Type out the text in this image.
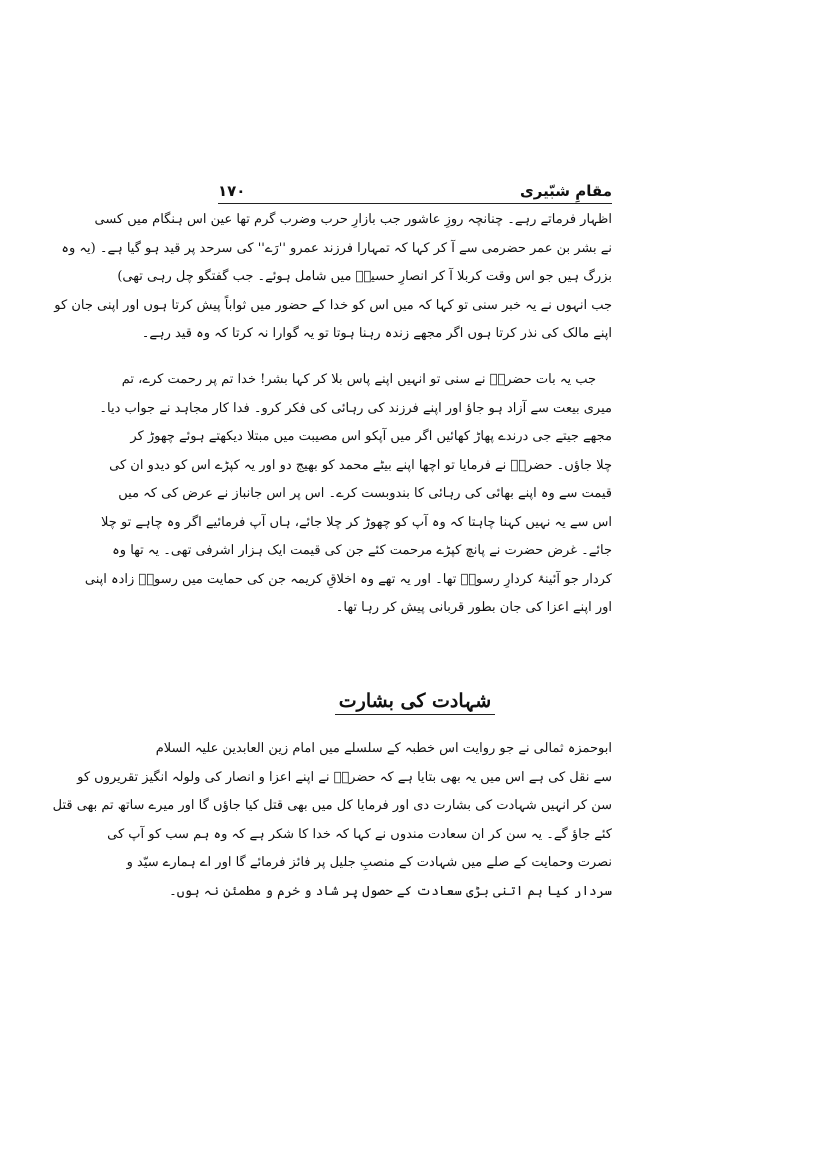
مقامِ شبّیری
۱۷۰
اظہار فرماتے رہے۔ چنانچہ روزِ عاشور جب بازارِ حرب وضرب گرم تھا عین اس ہنگام میں کسی
نے بشر بن عمر حضرمی سے آ کر کہا کہ تمہارا فرزند عمرو ''رَے'' کی سرحد پر قید ہو گیا ہے۔ (یہ وہ
بزرگ ہیں جو اس وقت کربلا آ کر انصارِ حسینؑ میں شامل ہوئے۔ جب گفتگو چل رہی تھی)
جب انہوں نے یہ خبر سنی تو کہا کہ میں اس کو خدا کے حضور میں ثواباً پیش کرتا ہوں اور اپنی جان کو
اپنے مالک کی نذر کرتا ہوں اگر مجھے زندہ رہنا ہوتا تو یہ گوارا نہ کرتا کہ وہ قید رہے۔
جب یہ بات حضرتؑ نے سنی تو انہیں اپنے پاس بلا کر کہا بشر! خدا تم پر رحمت کرے، تم
میری بیعت سے آزاد ہو جاؤ اور اپنے فرزند کی رہائی کی فکر کرو۔ فدا کار مجاہد نے جواب دیا۔
مجھے جیتے جی درندے پھاڑ کھائیں اگر میں آپکو اس مصیبت میں مبتلا دیکھتے ہوئے چھوڑ کر
چلا جاؤں۔ حضرتؑ نے فرمایا تو اچھا اپنے بیٹے محمد کو بھیج دو اور یہ کپڑے اس کو دیدو ان کی
قیمت سے وہ اپنے بھائی کی رہائی کا بندوبست کرے۔ اس پر اس جانباز نے عرض کی کہ میں
اس سے یہ نہیں کہنا چاہتا کہ وہ آپ کو چھوڑ کر چلا جائے، ہاں آپ فرمائیے اگر وہ چاہے تو چلا
جائے۔ غرض حضرت نے پانچ کپڑے مرحمت کئے جن کی قیمت ایک ہزار اشرفی تھی۔ یہ تھا وہ
کردار جو آئینۂ کردارِ رسولؐ تھا۔ اور یہ تھے وہ اخلاقِ کریمہ جن کی حمایت میں رسولؐ زادہ اپنی
اور اپنے اعزا کی جان بطور قربانی پیش کر رہا تھا۔
شہادت کی بشارت
ابوحمزہ ثمالی نے جو روایت اس خطبہ کے سلسلے میں امام زین العابدین علیہ السلام
سے نقل کی ہے اس میں یہ بھی بتایا ہے کہ حضرتؑ نے اپنے اعزا و انصار کی ولولہ انگیز تقریروں کو
سن کر انہیں شہادت کی بشارت دی اور فرمایا کل میں بھی قتل کیا جاؤں گا اور میرے ساتھ تم بھی قتل
کئے جاؤ گے۔ یہ سن کر ان سعادت مندوں نے کہا کہ خدا کا شکر ہے کہ وہ ہم سب کو آپ کی
نصرت وحمایت کے صلے میں شہادت کے منصبِ جلیل پر فائز فرمائے گا اور اے ہمارے سیّد و
سردار کیا ہم اتنی بڑی سعادت کے حصول پر شاد و خرم و مطمئن نہ ہوں۔
